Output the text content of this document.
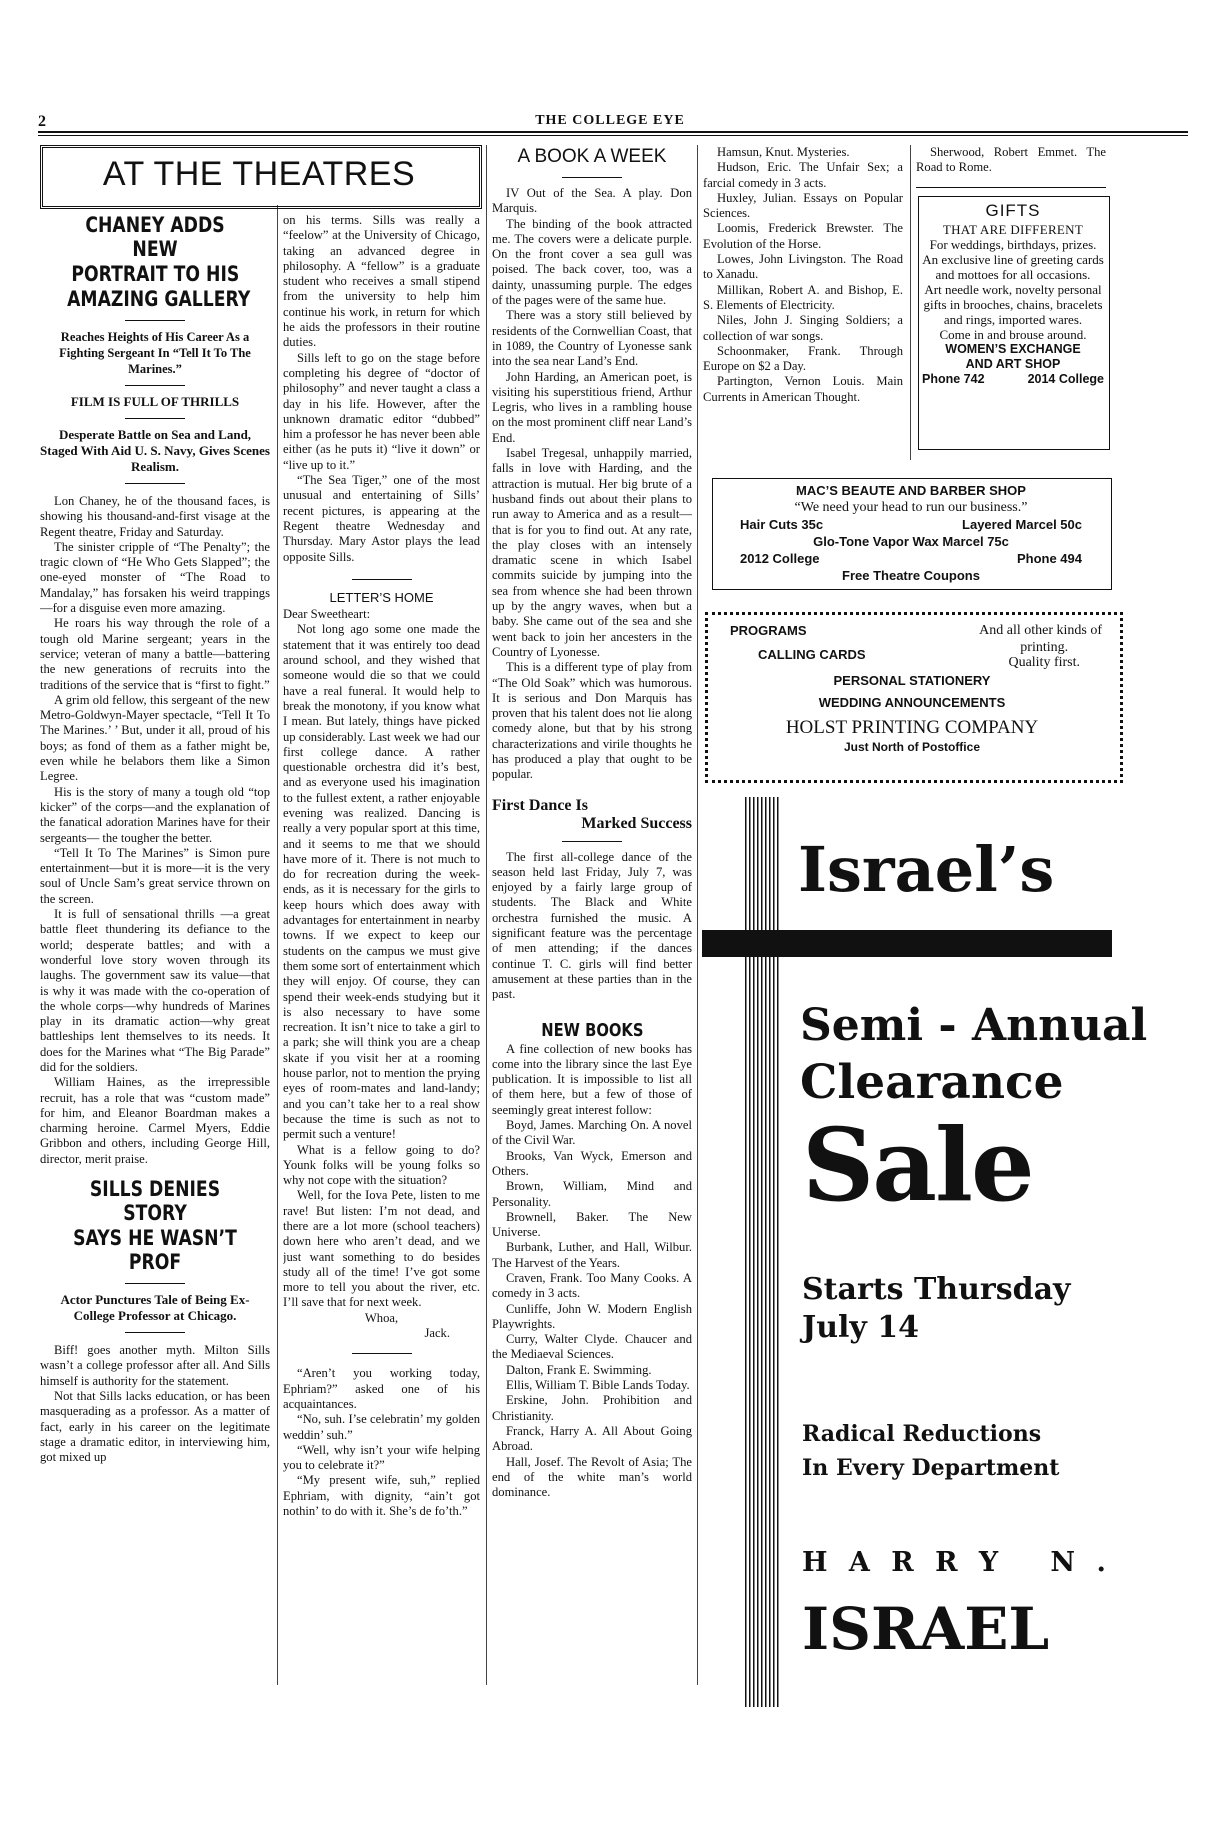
2	THE COLLEGE EYE
AT THE THEATRES
CHANEY ADDS NEW
PORTRAIT TO HIS
AMAZING GALLERY
Reaches Heights of His Career As a Fighting Sergeant In “Tell It To The Marines.”
FILM IS FULL OF THRILLS
Desperate Battle on Sea and Land, Staged With Aid U. S. Navy, Gives Scenes Realism.

Lon Chaney, he of the thousand faces, is showing his thousand-and-first visage at the Regent theatre, Friday and Saturday.

The sinister cripple of “The Penalty”; the tragic clown of “He Who Gets Slapped”; the one-eyed monster of “The Road to Mandalay,” has forsaken his weird trappings—for a disguise even more amazing.

He roars his way through the role of a tough old Marine sergeant; years in the service; veteran of many a battle—battering the new generations of recruits into the traditions of the service that is “first to fight.”

A grim old fellow, this sergeant of the new Metro-Goldwyn-Mayer spectacle, “Tell It To The Marines.’ ’ But, under it all, proud of his boys; as fond of them as a father might be, even while he belabors them like a Simon Legree.

His is the story of many a tough old “top kicker” of the corps—and the explanation of the fanatical adoration Marines have for their sergeants— the tougher the better.

“Tell It To The Marines” is Simon pure entertainment—but it is more—it is the very soul of Uncle Sam’s great service thrown on the screen.

It is full of sensational thrills —a great battle fleet thundering its defiance to the world; desperate battles; and with a wonderful love story woven through its laughs. The government saw its value—that is why it was made with the co-operation of the whole corps—why hundreds of Marines play in its dramatic action—why great battleships lent themselves to its needs. It does for the Marines what “The Big Parade” did for the soldiers.

William Haines, as the irrepressible recruit, has a role that was “custom made” for him, and Eleanor Boardman makes a charming heroine. Carmel Myers, Eddie Gribbon and others, including George Hill, director, merit praise.

SILLS DENIES STORY
SAYS HE WASN’T PROF
Actor Punctures Tale of Being Ex-College Professor at Chicago.

Biff! goes another myth. Milton Sills wasn’t a college professor after all. And Sills himself is authority for the statement.

Not that Sills lacks education, or has been masquerading as a professor. As a matter of fact, early in his career on the legitimate stage a dramatic editor, in interviewing him, got mixed up

on his terms. Sills was really a “feelow” at the University of Chicago, taking an advanced degree in philosophy. A “fellow” is a graduate student who receives a small stipend from the university to help him continue his work, in return for which he aids the professors in their routine duties.

Sills left to go on the stage before completing his degree of “doctor of philosophy” and never taught a class a day in his life. However, after the unknown dramatic editor “dubbed” him a professor he has never been able either (as he puts it) “live it down” or “live up to it.”

“The Sea Tiger,” one of the most unusual and entertaining of Sills’ recent pictures, is appearing at the Regent theatre Wednesday and Thursday. Mary Astor plays the lead opposite Sills.

LETTER’S HOME

Dear Sweetheart:

Not long ago some one made the statement that it was entirely too dead around school, and they wished that someone would die so that we could have a real funeral. It would help to break the monotony, if you know what I mean. But lately, things have picked up considerably. Last week we had our first college dance. A rather questionable orchestra did it’s best, and as everyone used his imagination to the fullest extent, a rather enjoyable evening was realized. Dancing is really a very popular sport at this time, and it seems to me that we should have more of it. There is not much to do for recreation during the week-ends, as it is necessary for the girls to keep hours which does away with advantages for entertainment in nearby towns. If we expect to keep our students on the campus we must give them some sort of entertainment which they will enjoy. Of course, they can spend their week-ends studying but it is also necessary to have some recreation. It isn’t nice to take a girl to a park; she will think you are a cheap skate if you visit her at a rooming house parlor, not to mention the prying eyes of room-mates and land-landy; and you can’t take her to a real show because the time is such as not to permit such a venture!

What is a fellow going to do? Younk folks will be young folks so why not cope with the situation?

Well, for the Iova Pete, listen to me rave! But listen: I’m not dead, and there are a lot more (school teachers) down here who aren’t dead, and we just want something to do besides study all of the time! I’ve got some more to tell you about the river, etc. I’ll save that for next week.

Whoa,
Jack.

“Aren’t you working today, Ephriam?” asked one of his acquaintances.

“No, suh. I’se celebratin’ my golden weddin’ suh.”

“Well, why isn’t your wife helping you to celebrate it?”

“My present wife, suh,” replied Ephriam, with dignity, “ain’t got nothin’ to do with it. She’s de fo’th.”

A BOOK A WEEK

IV Out of the Sea. A play. Don Marquis.

The binding of the book attracted me. The covers were a delicate purple. On the front cover a sea gull was poised. The back cover, too, was a dainty, unassuming purple. The edges of the pages were of the same hue.

There was a story still believed by residents of the Cornwellian Coast, that in 1089, the Country of Lyonesse sank into the sea near Land’s End.

John Harding, an American poet, is visiting his superstitious friend, Arthur Legris, who lives in a rambling house on the most prominent cliff near Land’s End.

Isabel Tregesal, unhappily married, falls in love with Harding, and the attraction is mutual. Her big brute of a husband finds out about their plans to run away to America and as a result—that is for you to find out. At any rate, the play closes with an intensely dramatic scene in which Isabel commits suicide by jumping into the sea from whence she had been thrown up by the angry waves, when but a baby. She came out of the sea and she went back to join her ancesters in the Country of Lyonesse.

This is a different type of play from “The Old Soak” which was humorous. It is serious and Don Marquis has proven that his talent does not lie along comedy alone, but that by his strong characterizations and virile thoughts he has produced a play that ought to be popular.

First Dance Is
Marked Success

The first all-college dance of the season held last Friday, July 7, was enjoyed by a fairly large group of students. The Black and White orchestra furnished the music. A significant feature was the percentage of men attending; if the dances continue T. C. girls will find better amusement at these parties than in the past.

NEW BOOKS

A fine collection of new books has come into the library since the last Eye publication. It is impossible to list all of them here, but a few of those of seemingly great interest follow:

Boyd, James. Marching On. A novel of the Civil War.

Brooks, Van Wyck, Emerson and Others.

Brown, William, Mind and Personality.

Brownell, Baker. The New Universe.

Burbank, Luther, and Hall, Wilbur. The Harvest of the Years.

Craven, Frank. Too Many Cooks. A comedy in 3 acts.

Cunliffe, John W. Modern English Playwrights.

Curry, Walter Clyde. Chaucer and the Mediaeval Sciences.

Dalton, Frank E. Swimming.

Ellis, William T. Bible Lands Today.

Erskine, John. Prohibition and Christianity.

Franck, Harry A. All About Going Abroad.

Hall, Josef. The Revolt of Asia; The end of the white man’s world dominance.

Hamsun, Knut. Mysteries.

Hudson, Eric. The Unfair Sex; a farcial comedy in 3 acts.

Huxley, Julian. Essays on Popular Sciences.

Loomis, Frederick Brewster. The Evolution of the Horse.

Lowes, John Livingston. The Road to Xanadu.

Millikan, Robert A. and Bishop, E. S. Elements of Electricity.

Niles, John J. Singing Soldiers; a collection of war songs.

Schoonmaker, Frank. Through Europe on $2 a Day.

Partington, Vernon Louis. Main Currents in American Thought.

Sherwood, Robert Emmet. The Road to Rome.

GIFTS
THAT ARE DIFFERENT
For weddings, birthdays, prizes.
An exclusive line of greeting cards and mottoes for all occasions.
Art needle work, novelty personal gifts in brooches, chains, bracelets and rings, imported wares.
Come in and brouse around.
WOMEN’S EXCHANGE
AND ART SHOP
Phone 742	2014 College
MAC’S BEAUTE AND BARBER SHOP
“We need your head to run our business.”
Hair Cuts 35c	Layered Marcel 50c
Glo-Tone Vapor Wax Marcel 75c
2012 College	Phone 494
Free Theatre Coupons
PROGRAMS	And all other kinds of
CALLING CARDS	printing.
Quality first.
PERSONAL STATIONERY
WEDDING ANNOUNCEMENTS
HOLST PRINTING COMPANY
Just North of Postoffice
Israel’s
Semi - Annual
Clearance
Sale
Starts Thursday
July 14
Radical Reductions
In Every Department
H A R R Y   N .
ISRAEL
